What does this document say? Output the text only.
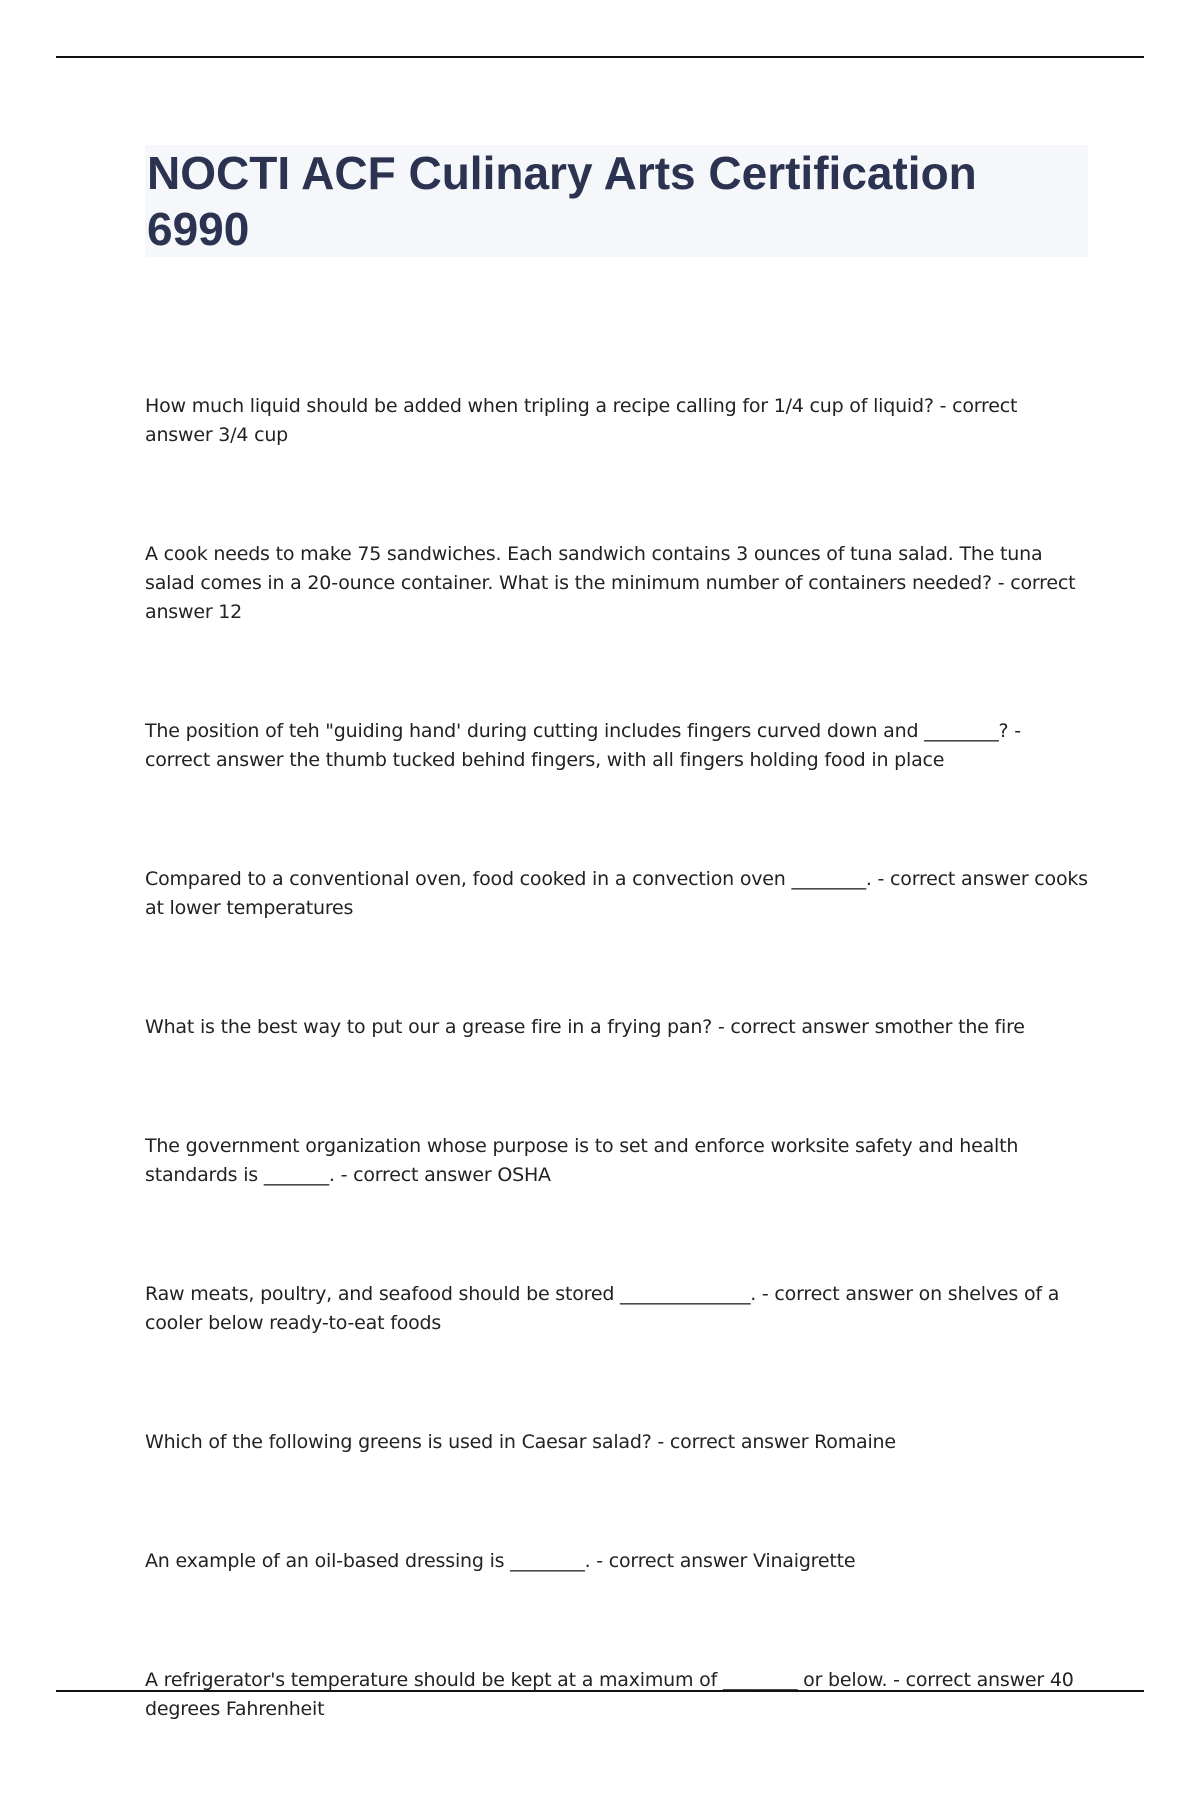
NOCTI ACF Culinary Arts Certification 6990

How much liquid should be added when tripling a recipe calling for 1/4 cup of liquid? - correct answer 3/4 cup

A cook needs to make 75 sandwiches. Each sandwich contains 3 ounces of tuna salad. The tuna salad comes in a 20-ounce container. What is the minimum number of containers needed? - correct answer 12

The position of teh "guiding hand' during cutting includes fingers curved down and ________? - correct answer the thumb tucked behind fingers, with all fingers holding food in place

Compared to a conventional oven, food cooked in a convection oven ________. - correct answer cooks at lower temperatures

What is the best way to put our a grease fire in a frying pan? - correct answer smother the fire

The government organization whose purpose is to set and enforce worksite safety and health standards is _______. - correct answer OSHA

Raw meats, poultry, and seafood should be stored ______________. - correct answer on shelves of a cooler below ready-to-eat foods

Which of the following greens is used in Caesar salad? - correct answer Romaine

An example of an oil-based dressing is ________. - correct answer Vinaigrette

A refrigerator's temperature should be kept at a maximum of ________ or below. - correct answer 40 degrees Fahrenheit
